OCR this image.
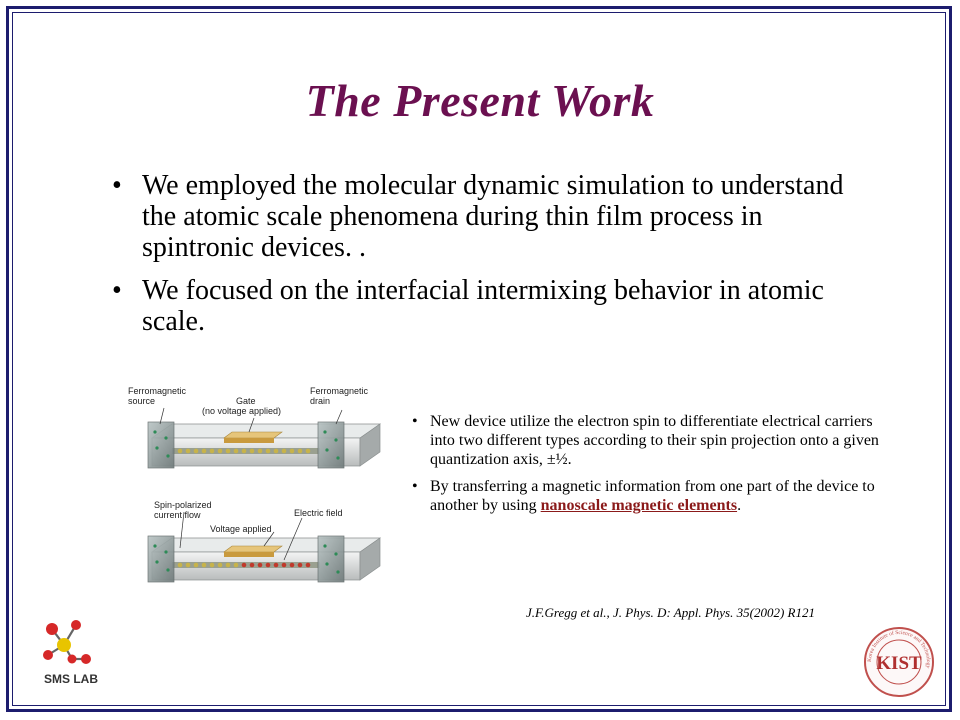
The Present Work
• We employed the molecular dynamic simulation to understand the atomic scale phenomena during thin film process in spintronic devices. .
• We focused on the interfacial intermixing behavior in atomic scale.
Ferromagnetic source	Gate (no voltage applied)
Ferromagnetic drain
Spin-polarized current flow
Voltage applied
Electric field
• New device utilize the electron spin to differentiate electrical carriers into two different types according to their spin projection onto a given quantization axis, ±½.
• By transferring a magnetic information from one part of the device to another by using nanoscale magnetic elements.
J.F.Gregg et al., J. Phys. D: Appl. Phys. 35(2002) R121
SMS LAB
Korea Institute of Science and Technology
KIST
